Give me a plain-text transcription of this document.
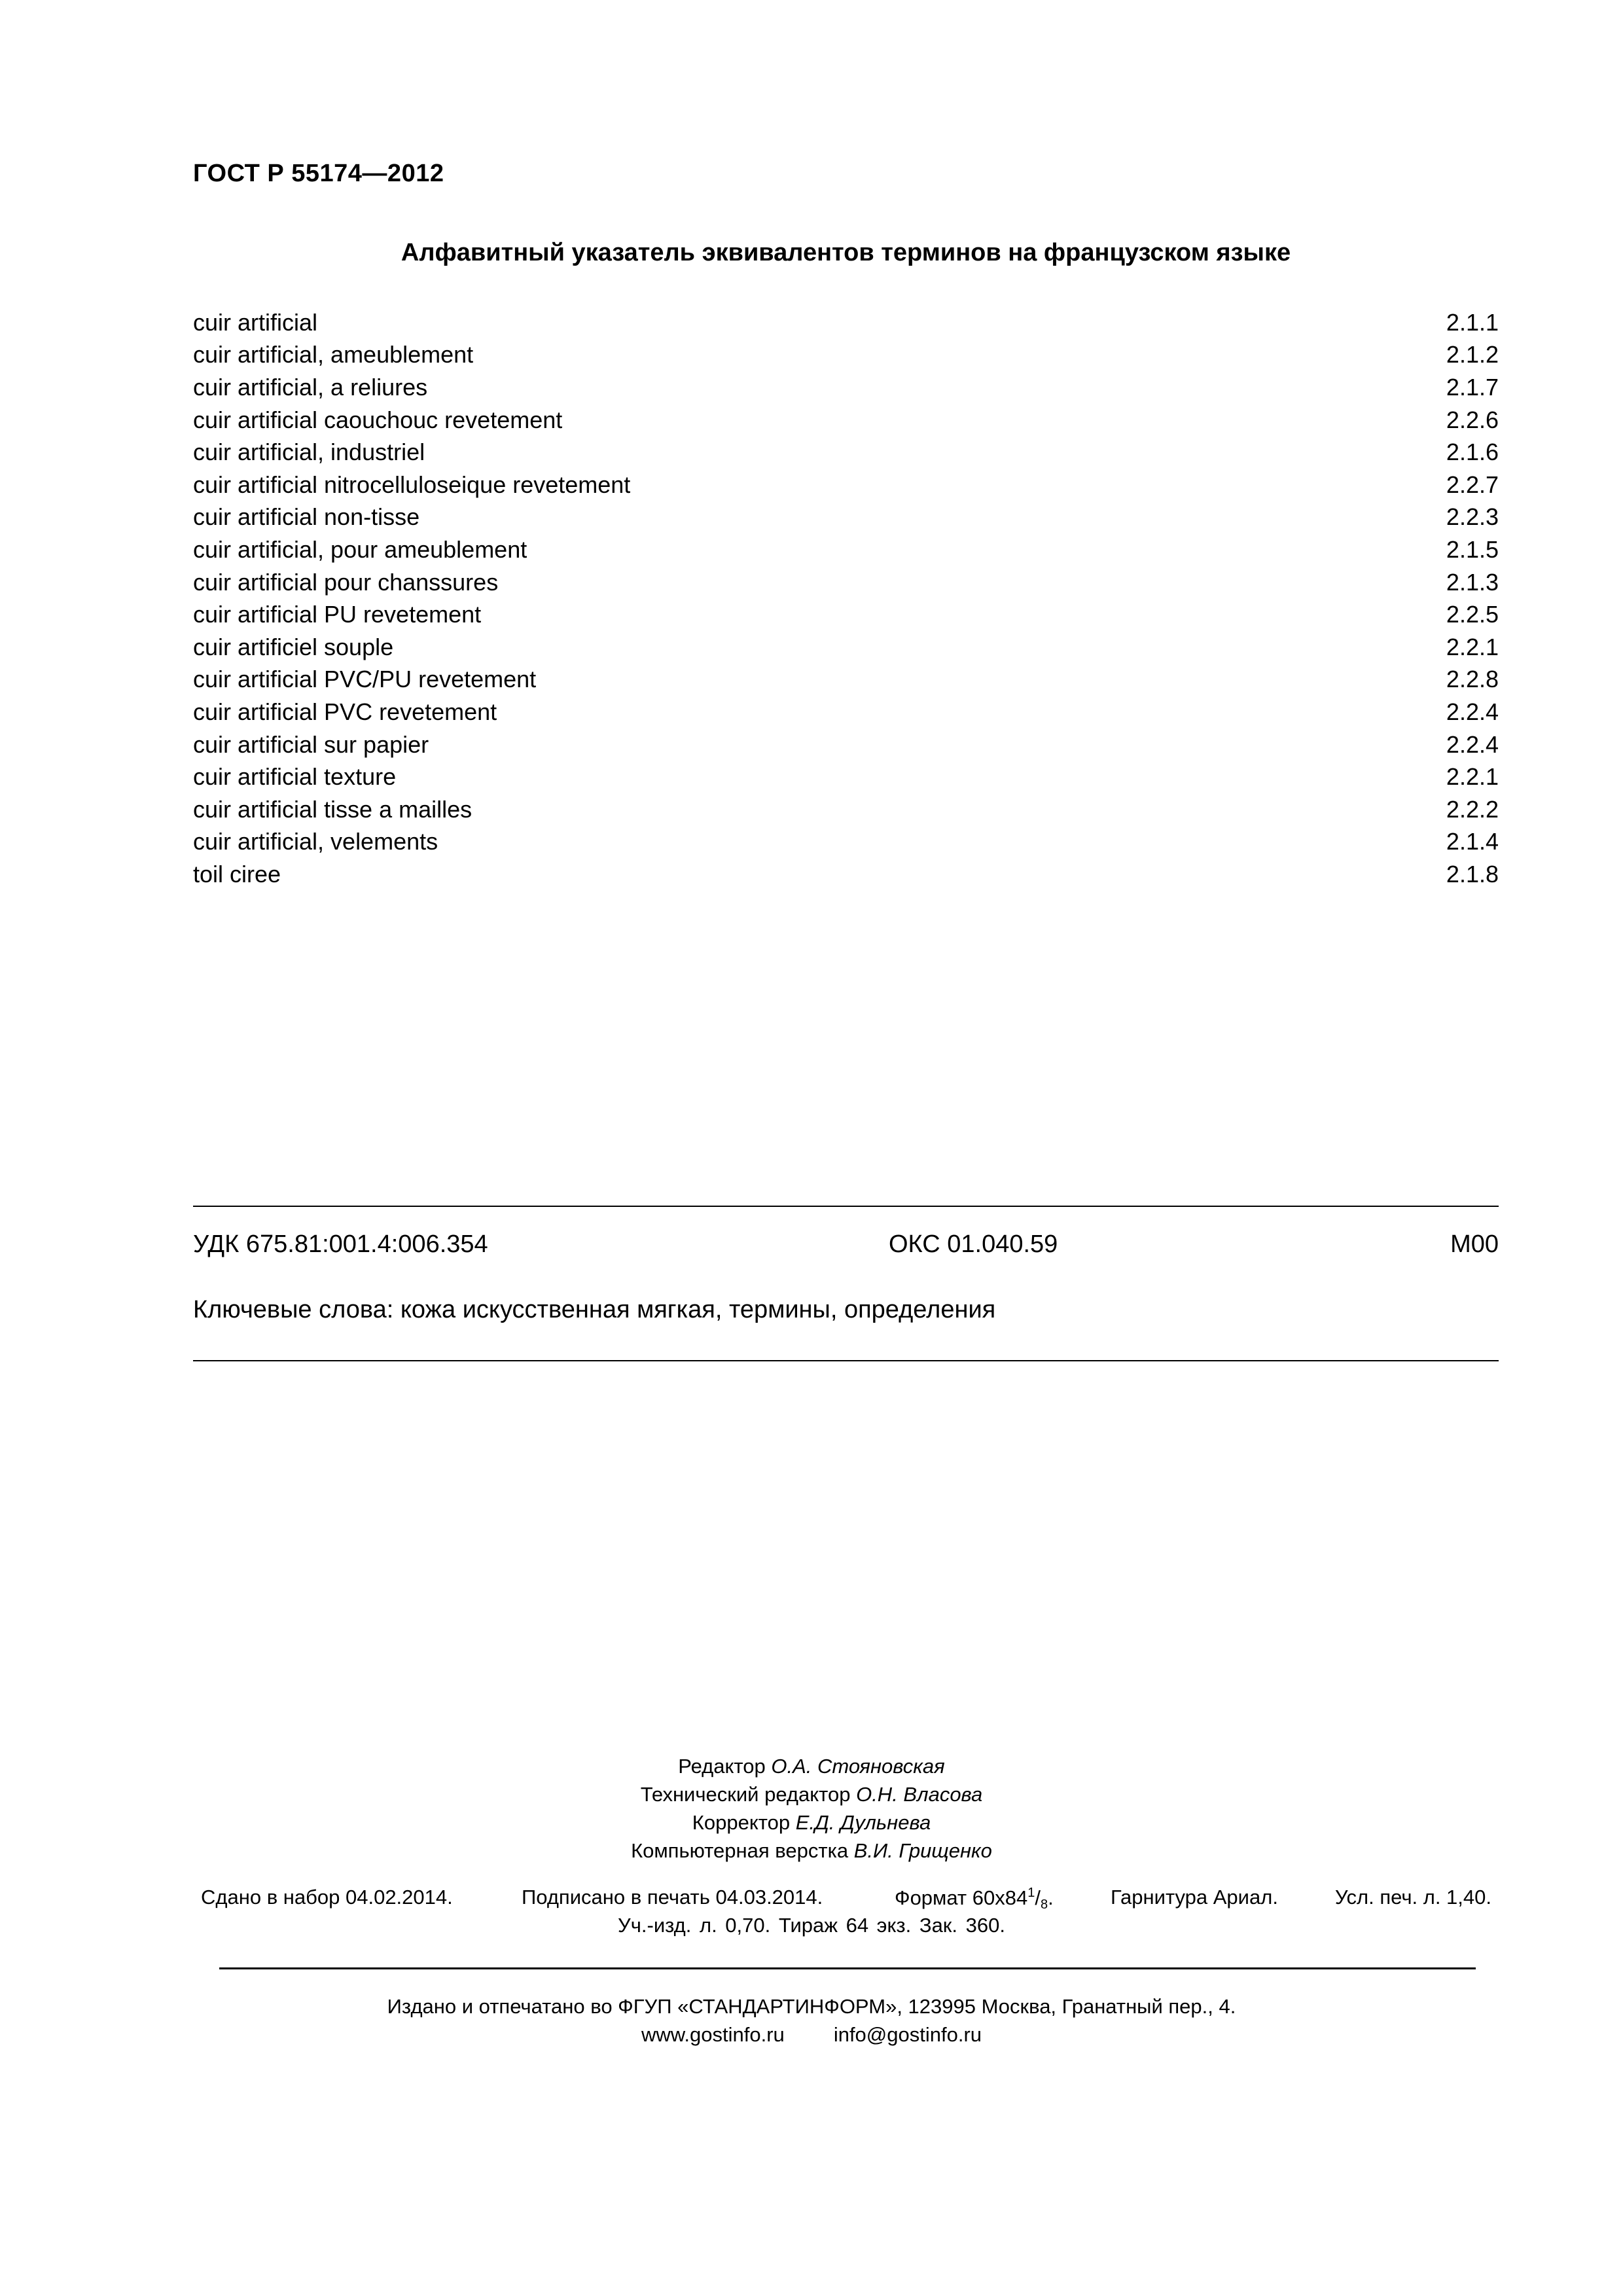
ГОСТ Р 55174—2012
Алфавитный указатель эквивалентов терминов на французском языке
cuir artificial	2.1.1
cuir artificial, ameublement	2.1.2
cuir artificial, a reliures	2.1.7
cuir artificial caouchouc revetement	2.2.6
cuir artificial, industriel	2.1.6
cuir artificial nitrocelluloseique revetement	2.2.7
cuir artificial non-tisse	2.2.3
cuir artificial, pour ameublement	2.1.5
cuir artificial pour chanssures	2.1.3
cuir artificial PU revetement	2.2.5
cuir artificiel souple	2.2.1
cuir artificial PVC/PU revetement	2.2.8
cuir artificial PVC revetement	2.2.4
cuir artificial sur papier	2.2.4
cuir artificial texture	2.2.1
cuir artificial tisse a mailles	2.2.2
cuir artificial, velements	2.1.4
toil ciree	2.1.8
УДК 675.81:001.4:006.354	ОКС 01.040.59	М00
Ключевые слова: кожа искусственная мягкая, термины, определения
Редактор О.А. Стояновская
Технический редактор О.Н. Власова
Корректор Е.Д. Дульнева
Компьютерная верстка В.И. Грищенко
Сдано в набор 04.02.2014.	Подписано в печать 04.03.2014.	Формат $60x84^1/_8$.	Гарнитура Ариал.	Усл. печ. л. 1,40.
Уч.-изд. л. 0,70. Тираж 64 экз. Зак. 360.
Издано и отпечатано во ФГУП «СТАНДАРТИНФОРМ», 123995 Москва, Гранатный пер., 4.
www.gostinfo.ru info@gostinfo.ru
